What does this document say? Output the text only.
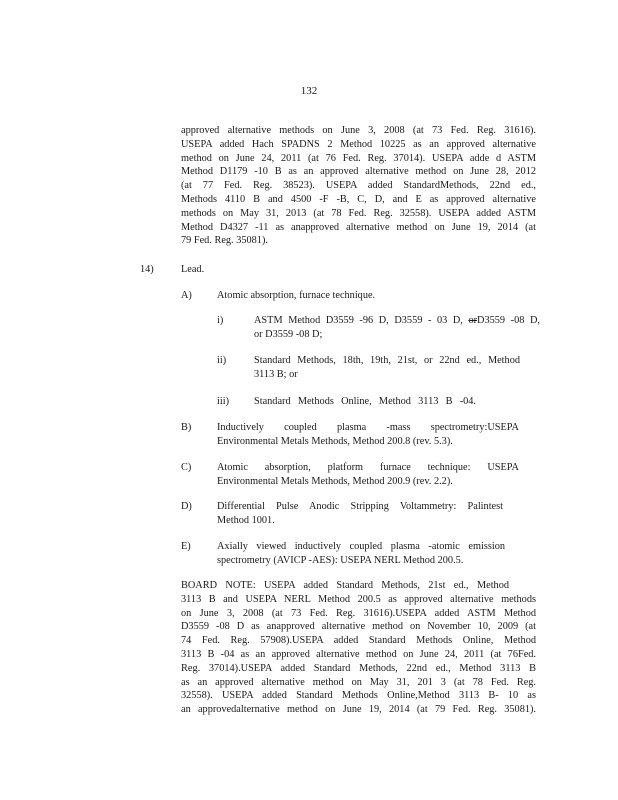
132
approved alternative methods on June 3, 2008 (at 73 Fed. Reg. 31616).
USEPA added Hach SPADNS 2 Method 10225 as an approved alternative
method on June 24, 2011 (at 76 Fed. Reg. 37014). USEPA adde d ASTM
Method D1179 -10 B as an approved alternative method on June 28, 2012
(at 77 Fed. Reg. 38523). USEPA added StandardMethods, 22nd ed.,
Methods 4110 B and 4500 -F -B, C, D, and E as approved alternative
methods on May 31, 2013 (at 78 Fed. Reg. 32558). USEPA added ASTM
Method D4327 -11 as anapproved alternative method on June 19, 2014 (at
79 Fed. Reg. 35081).
14)	Lead.
A) Atomic absorption, furnace technique.
i)	ASTM Method D3559 -96 D, D3559 - 03 D, orD3559 -08 D,
or D3559 -08 D;
ii)	Standard Methods, 18th, 19th, 21st, or 22nd ed., Method
3113 B; or
iii) Standard Methods Online, Method 3113 B -04.
B) Inductively coupled plasma -mass spectrometry:USEPA
Environmental Metals Methods, Method 200.8 (rev. 5.3).
C) Atomic absorption, platform furnace technique: USEPA
Environmental Metals Methods, Method 200.9 (rev. 2.2).
D) Differential Pulse Anodic Stripping Voltammetry: Palintest
Method 1001.
E)	Axially viewed inductively coupled plasma -atomic emission
spectrometry (AVICP -AES): USEPA NERL Method 200.5.
BOARD NOTE: USEPA added Standard Methods, 21st ed., Method
3113 B and USEPA NERL Method 200.5 as approved alternative methods
on June 3, 2008 (at 73 Fed. Reg. 31616).USEPA added ASTM Method
D3559 -08 D as anapproved alternative method on November 10, 2009 (at
74 Fed. Reg. 57908).USEPA added Standard Methods Online, Method
3113 B -04 as an approved alternative method on June 24, 2011 (at 76Fed.
Reg. 37014).USEPA added Standard Methods, 22nd ed., Method 3113 B
as an approved alternative method on May 31, 201 3 (at 78 Fed. Reg.
32558). USEPA added Standard Methods Online,Method 3113 B- 10 as
an approvedalternative method on June 19, 2014 (at 79 Fed. Reg. 35081).
